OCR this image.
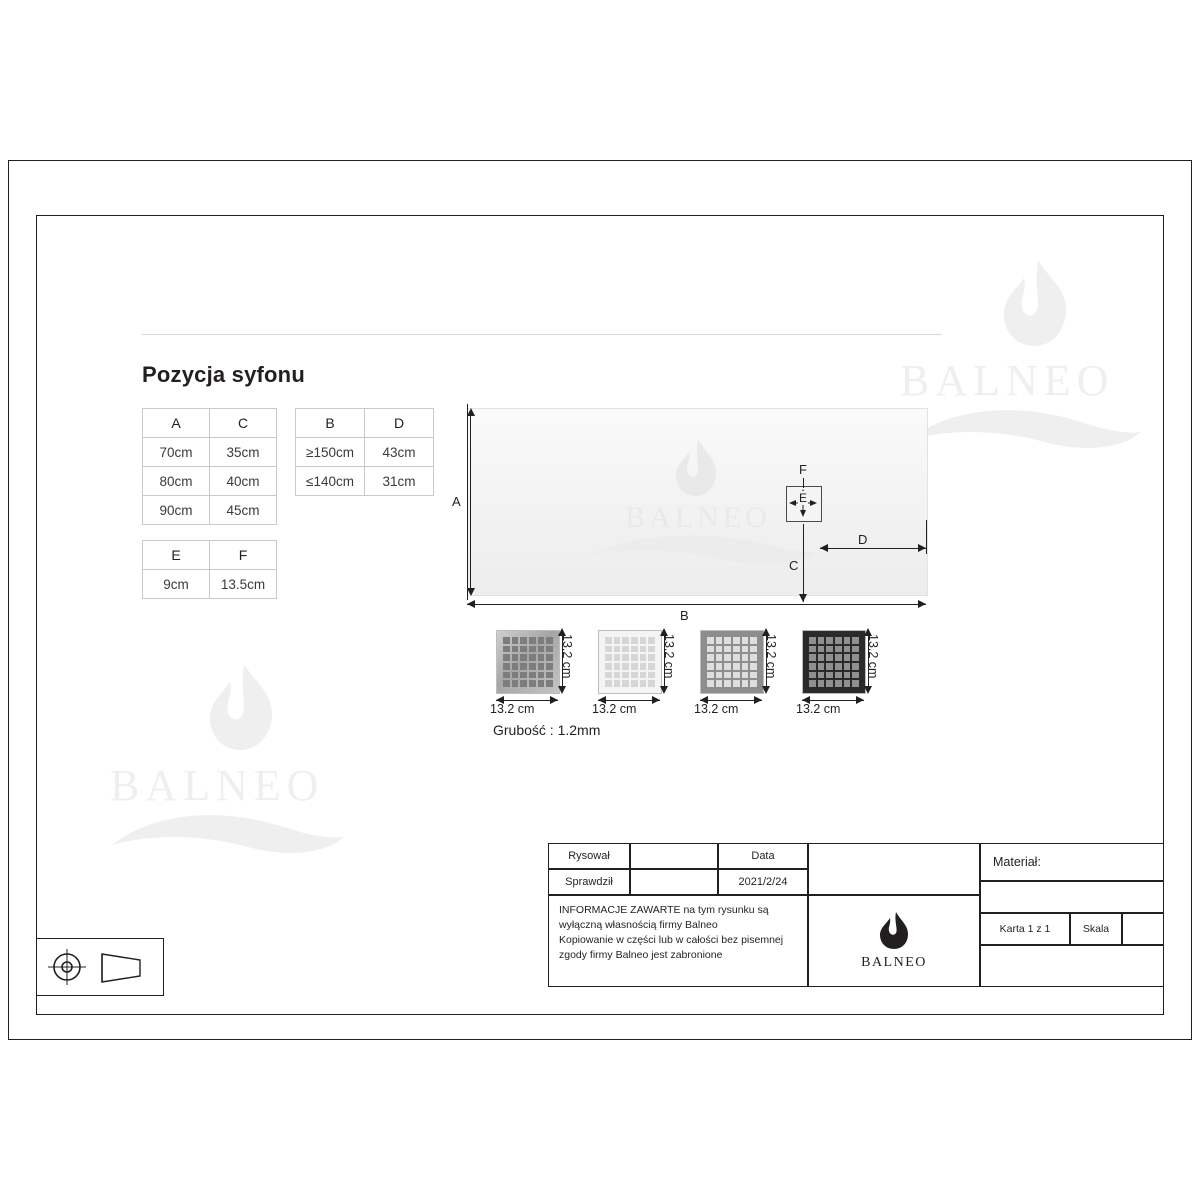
BALNEO
BALNEO
Pozycja syfonu
A	C
70cm	35cm
80cm	40cm
90cm	45cm
B	D
≥150cm	43cm
≤140cm	31cm
E	F
9cm	13.5cm
BALNEO
A
B
E
F
C
D
13.2 cm
13.2 cm
13.2 cm
13.2 cm
13.2 cm
13.2 cm
13.2 cm
13.2 cm
Grubość : 1.2mm
Rysował	Data
Sprawdził	2021/2/24
INFORMACJE ZAWARTE na tym rysunku są
wyłączną własnością firmy Balneo
Kopiowanie w części lub w całości bez pisemnej
zgody firmy Balneo jest zabronione	BALNEO
Materiał:
Karta 1 z 1	Skala
